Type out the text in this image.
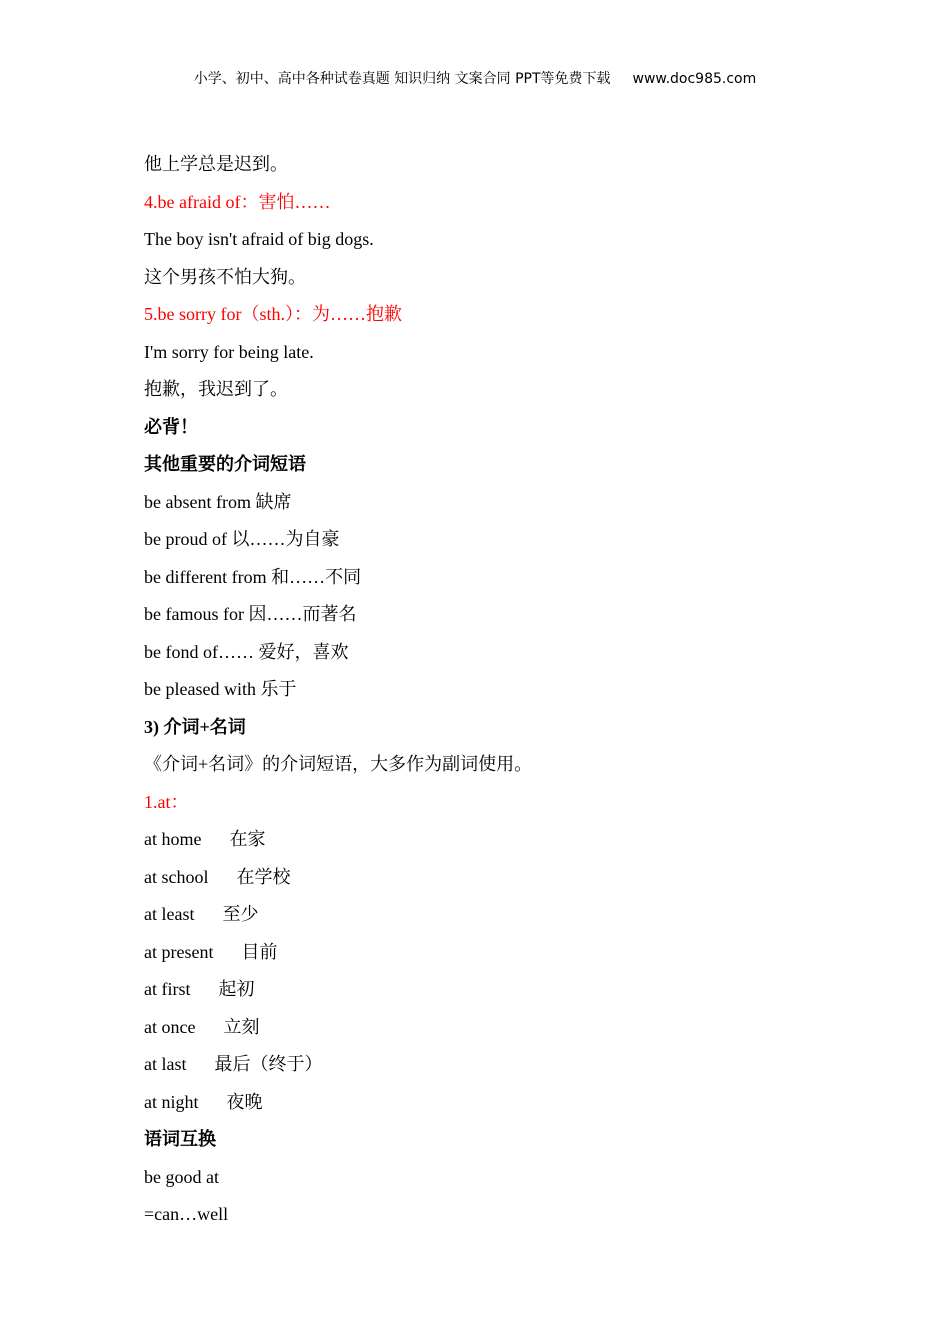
小学、初中、高中各种试卷真题 知识归纳 文案合同 PPT等免费下载 www.doc985.com
他上学总是迟到。
4.be afraid of：害怕……
The boy isn't afraid of big dogs.
这个男孩不怕大狗。
5.be sorry for（sth.）：为……抱歉
I'm sorry for being late.
抱歉，我迟到了。
必背！
其他重要的介词短语
be absent from 缺席
be proud of 以……为自豪
be different from 和……不同
be famous for 因……而著名
be fond of…… 爱好，喜欢
be pleased with 乐于
3) 介词+名词
《介词+名词》的介词短语，大多作为副词使用。
1.at：
at home 在家
at school 在学校
at least 至少
at present 目前
at first 起初
at once 立刻
at last 最后（终于）
at night 夜晚
语词互换
be good at
=can…well
